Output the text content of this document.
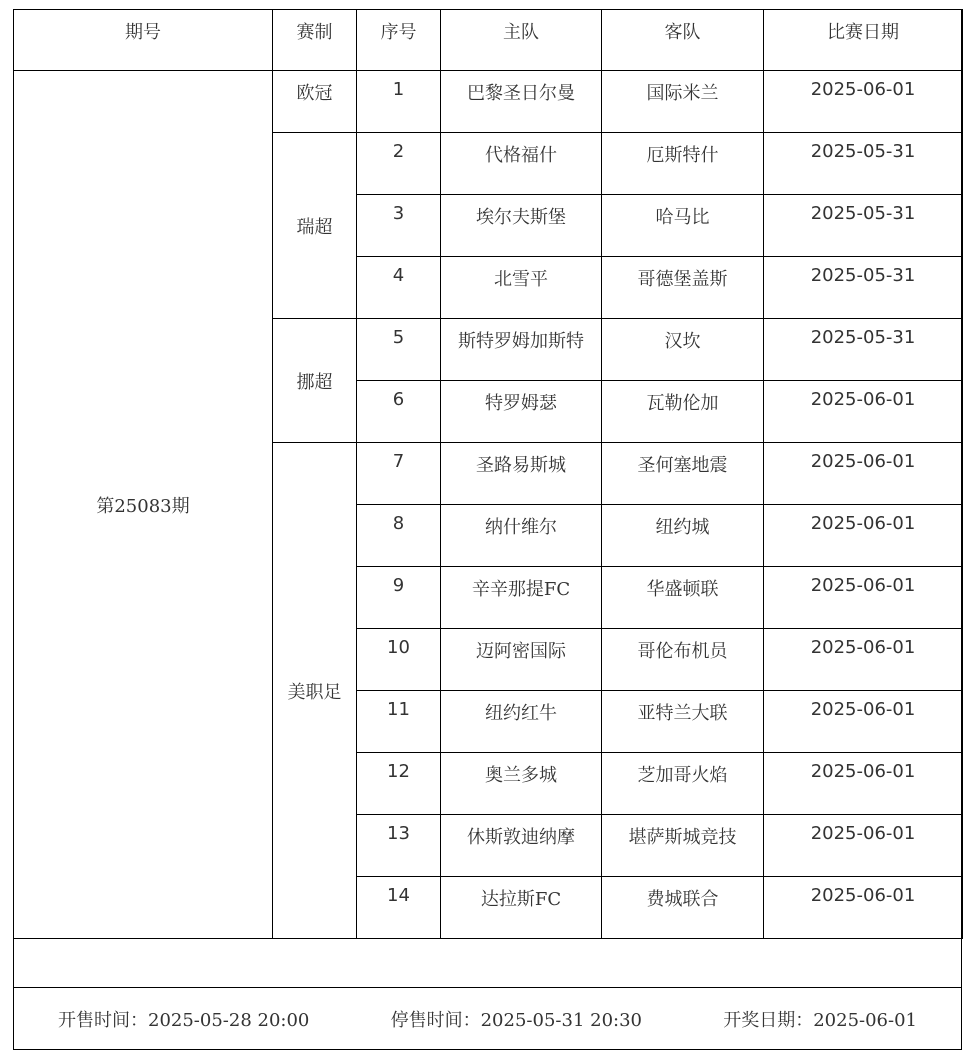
期号	赛制	序号	主队	客队	比赛日期
第25083期	欧冠	1	巴黎圣日尔曼	国际米兰	2025-06-01
	瑞超	2	代格福什	厄斯特什	2025-05-31
		3	埃尔夫斯堡	哈马比	2025-05-31
		4	北雪平	哥德堡盖斯	2025-05-31
	挪超	5	斯特罗姆加斯特	汉坎	2025-05-31
		6	特罗姆瑟	瓦勒伦加	2025-06-01
	美职足	7	圣路易斯城	圣何塞地震	2025-06-01
		8	纳什维尔	纽约城	2025-06-01
		9	辛辛那提FC	华盛顿联	2025-06-01
		10	迈阿密国际	哥伦布机员	2025-06-01
		11	纽约红牛	亚特兰大联	2025-06-01
		12	奥兰多城	芝加哥火焰	2025-06-01
		13	休斯敦迪纳摩	堪萨斯城竞技	2025-06-01
		14	达拉斯FC	费城联合	2025-06-01
开售时间：2025-05-28 20:00	停售时间：2025-05-31 20:30	开奖日期：2025-06-01
